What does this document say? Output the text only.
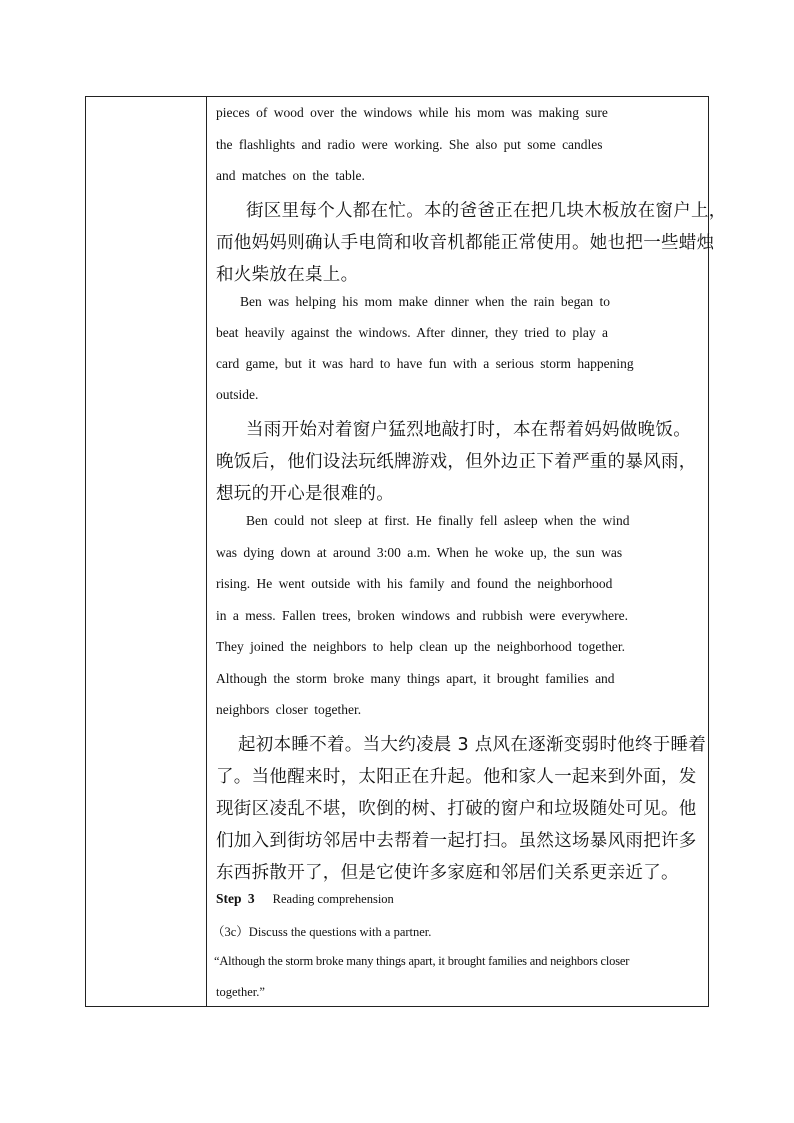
pieces of wood over the windows while his mom was making sure
the flashlights and radio were working. She also put some candles
and matches on the table.
街区里每个人都在忙。本的爸爸正在把几块木板放在窗户上，
而他妈妈则确认手电筒和收音机都能正常使用。她也把一些蜡烛
和火柴放在桌上。
Ben was helping his mom make dinner when the rain began to
beat heavily against the windows. After dinner, they tried to play a
card game, but it was hard to have fun with a serious storm happening
outside.
当雨开始对着窗户猛烈地敲打时，本在帮着妈妈做晚饭。
晚饭后，他们设法玩纸牌游戏，但外边正下着严重的暴风雨，
想玩的开心是很难的。
Ben could not sleep at first. He finally fell asleep when the wind
was dying down at around 3:00 a.m. When he woke up, the sun was
rising. He went outside with his family and found the neighborhood
in a mess. Fallen trees, broken windows and rubbish were everywhere.
They joined the neighbors to help clean up the neighborhood together.
Although the storm broke many things apart, it brought families and
neighbors closer together.
起初本睡不着。当大约凌晨 3 点风在逐渐变弱时他终于睡着
了。当他醒来时，太阳正在升起。他和家人一起来到外面，发
现街区凌乱不堪，吹倒的树、打破的窗户和垃圾随处可见。他
们加入到街坊邻居中去帮着一起打扫。虽然这场暴风雨把许多
东西拆散开了，但是它使许多家庭和邻居们关系更亲近了。
Step 3 Reading comprehension
（3c）Discuss the questions with a partner.
“Although the storm broke many things apart, it brought families and neighbors closer
together.”
